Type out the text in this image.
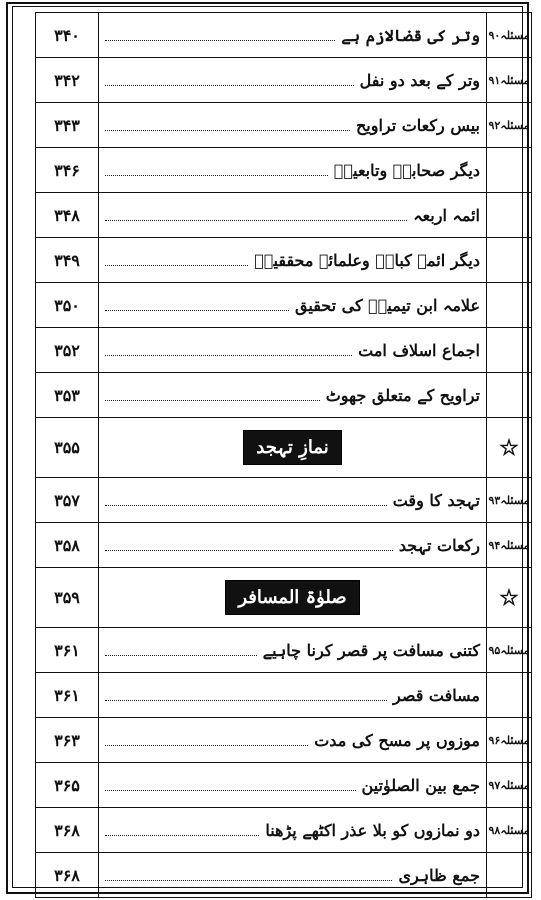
۳۴۰	وتر کی قضالازم ہے	مسئلہ۹۰
۳۴۲	وتر کے بعد دو نفل	مسئلہ۹۱
۳۴۳	بیس رکعات تراویح	مسئلہ۹۲
۳۴۶	دیگر صحابہؓ وتابعینؒ	

۳۴۸	ائمہ اربعہ	

۳۴۹	دیگر ائمہ کبارؒ وعلمائے محققینؒ	

۳۵۰	علامہ ابن تیمیہؒ کی تحقیق	

۳۵۲	اجماع اسلاف امت	

۳۵۳	تراویح کے متعلق جھوٹ	

۳۵۵	نمازِ تہجد	☆
۳۵۷	تہجد کا وقت	مسئلہ۹۳
۳۵۸	رکعات تہجد	مسئلہ۹۴
۳۵۹	صلوٰۃ المسافر	☆
۳۶۱	کتنی مسافت پر قصر کرنا چاہیے	مسئلہ۹۵
۳۶۱	مسافت قصر	

۳۶۳	موزوں پر مسح کی مدت	مسئلہ۹۶
۳۶۵	جمع بین الصلوٰتین	مسئلہ۹۷
۳۶۸	دو نمازوں کو بلا عذر اکٹھے پڑھنا	مسئلہ۹۸
۳۶۸	جمع ظاہری	
